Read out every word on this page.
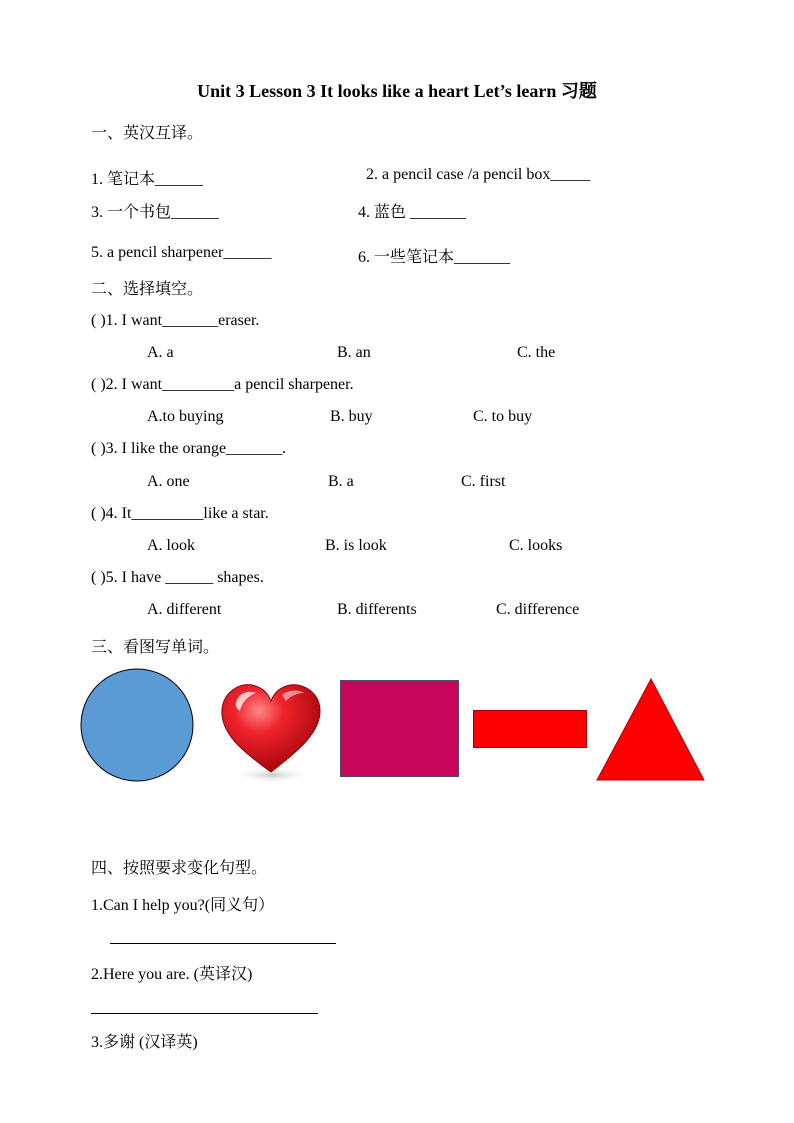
Unit 3 Lesson 3 It looks like a heart Let’s learn 习题
一、英汉互译。
1. 笔记本______	2. a pencil case /a pencil box_____
3. 一个书包______	4. 蓝色 _______
5. a pencil sharpener______	6. 一些笔记本_______
二、选择填空。
( )1. I want_______eraser.
A. a	B. an	C. the
( )2. I want_________a pencil sharpener.
A.to buying	B. buy	C. to buy
( )3. I like the orange_______.
A. one	B. a	C. first
( )4. It_________like a star.
A. look	B. is look	C. looks
( )5. I have ______ shapes.
A. different	B. differents	C. difference
三、看图写单词。
四、按照要求变化句型。
1.Can I help you?(同义句）
2.Here you are. (英译汉)
3.多谢 (汉译英)
